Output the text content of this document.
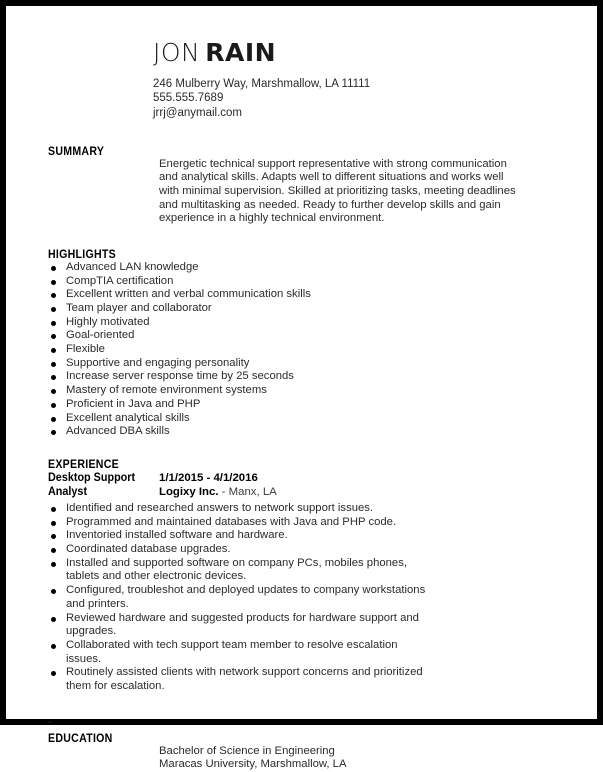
JON RAIN
246 Mulberry Way, Marshmallow, LA 11111
555.555.7689
jrrj@anymail.com
SUMMARY
Energetic technical support representative with strong communication and analytical skills. Adapts well to different situations and works well with minimal supervision. Skilled at prioritizing tasks, meeting deadlines and multitasking as needed. Ready to further develop skills and gain experience in a highly technical environment.
HIGHLIGHTS
Advanced LAN knowledge
CompTIA certification
Excellent written and verbal communication skills
Team player and collaborator
Highly motivated
Goal-oriented
Flexible
Supportive and engaging personality
Increase server response time by 25 seconds
Mastery of remote environment systems
Proficient in Java and PHP
Excellent analytical skills
Advanced DBA skills
EXPERIENCE
Desktop Support Analyst
1/1/2015 - 4/1/2016
Logixy Inc. - Manx, LA
Identified and researched answers to network support issues.
Programmed and maintained databases with Java and PHP code.
Inventoried installed software and hardware.
Coordinated database upgrades.
Installed and supported software on company PCs, mobiles phones, tablets and other electronic devices.
Configured, troubleshot and deployed updates to company workstations and printers.
Reviewed hardware and suggested products for hardware support and upgrades.
Collaborated with tech support team member to resolve escalation issues.
Routinely assisted clients with network support concerns and prioritized them for escalation.
-
EDUCATION
Bachelor of Science in Engineering
Maracas University, Marshmallow, LA
